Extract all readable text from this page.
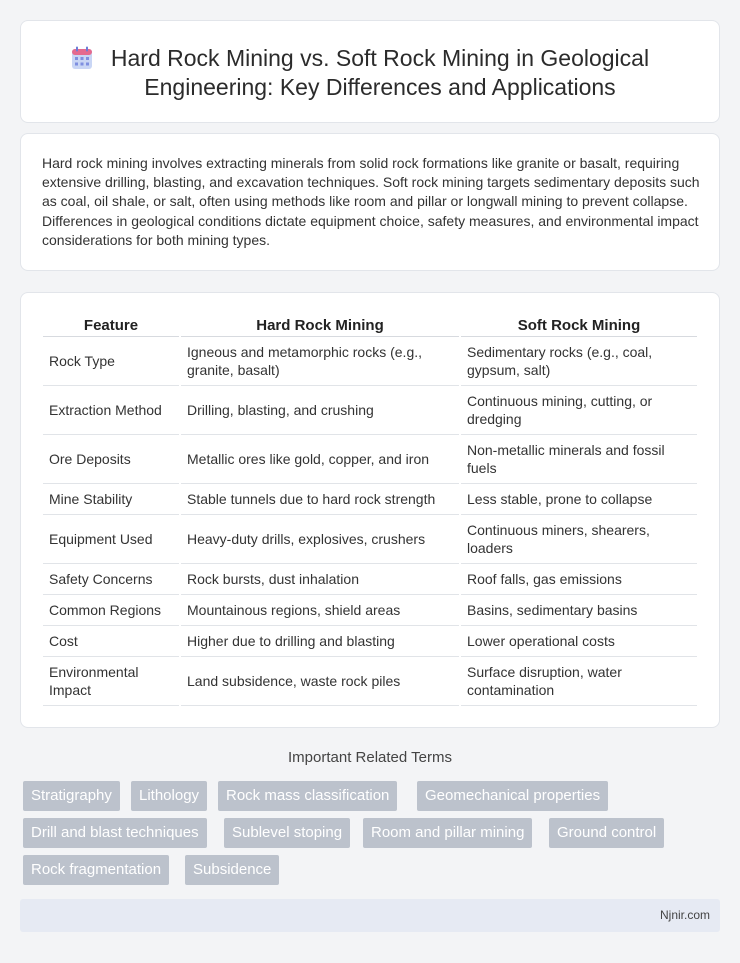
Hard Rock Mining vs. Soft Rock Mining in Geological Engineering: Key Differences and Applications

Hard rock mining involves extracting minerals from solid rock formations like granite or basalt, requiring extensive drilling, blasting, and excavation techniques. Soft rock mining targets sedimentary deposits such as coal, oil shale, or salt, often using methods like room and pillar or longwall mining to prevent collapse. Differences in geological conditions dictate equipment choice, safety measures, and environmental impact considerations for both mining types.

Feature	Hard Rock Mining	Soft Rock Mining
Rock Type	Igneous and metamorphic rocks (e.g., granite, basalt)	Sedimentary rocks (e.g., coal, gypsum, salt)
Extraction Method	Drilling, blasting, and crushing	Continuous mining, cutting, or dredging
Ore Deposits	Metallic ores like gold, copper, and iron	Non-metallic minerals and fossil fuels
Mine Stability	Stable tunnels due to hard rock strength	Less stable, prone to collapse
Equipment Used	Heavy-duty drills, explosives, crushers	Continuous miners, shearers, loaders
Safety Concerns	Rock bursts, dust inhalation	Roof falls, gas emissions
Common Regions	Mountainous regions, shield areas	Basins, sedimentary basins
Cost	Higher due to drilling and blasting	Lower operational costs
Environmental Impact	Land subsidence, waste rock piles	Surface disruption, water contamination
Important Related Terms
Stratigraphy	Lithology	Rock mass classification	Geomechanical properties
Drill and blast techniques	Sublevel stoping	Room and pillar mining	Ground control
Rock fragmentation	Subsidence
Njnir.com
